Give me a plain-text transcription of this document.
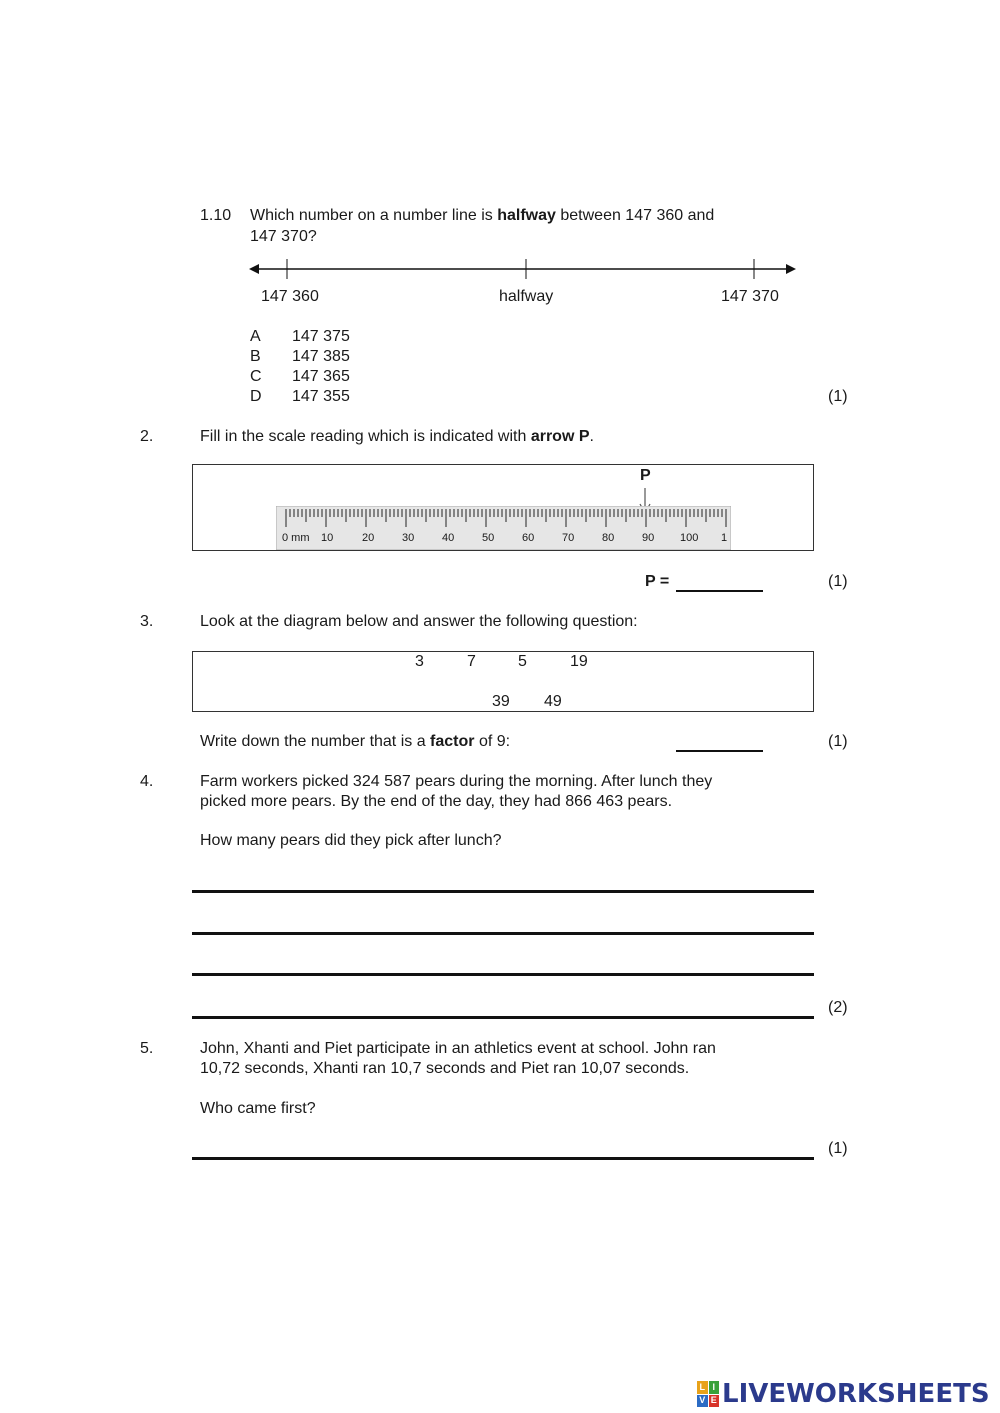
1.10 Which number on a number line is halfway between 147 360 and
147 370?
147 360	halfway	147 370
A 147 375
B 147 385
C 147 365
D 147 355	(1)
2.	Fill in the scale reading which is indicated with arrow P.
P
0 mm 10	20	30	40	50	60	70	80	90 100 1
P =	(1)
3.	Look at the diagram below and answer the following question:
3	7	5	19
39 49
Write down the number that is a factor of 9:	(1)
4.	Farm workers picked 324 587 pears during the morning. After lunch they
picked more pears. By the end of the day, they had 866 463 pears.
How many pears did they pick after lunch?
(2)
5.	John, Xhanti and Piet participate in an athletics event at school. John ran
10,72 seconds, Xhanti ran 10,7 seconds and Piet ran 10,07 seconds.
Who came first?
(1)
L I
V E LIVEWORKSHEETS
